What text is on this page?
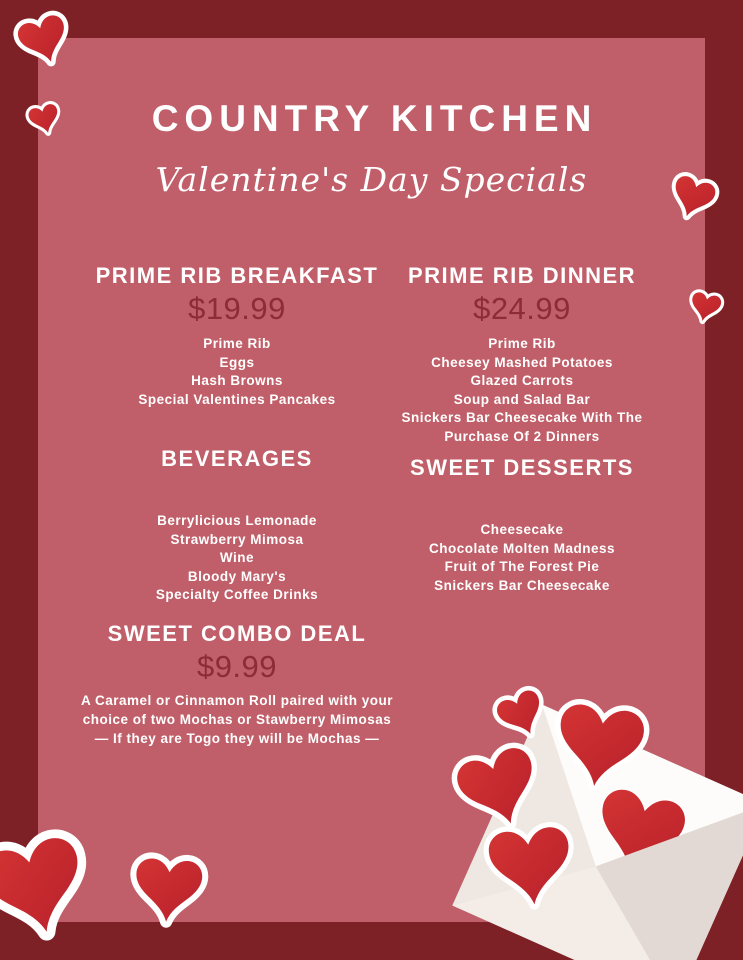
COUNTRY KITCHEN
Valentine's Day Specials
PRIME RIB BREAKFAST
$19.99
Prime Rib
Eggs
Hash Browns
Special Valentines Pancakes
PRIME RIB DINNER
$24.99
Prime Rib
Cheesey Mashed Potatoes
Glazed Carrots
Soup and Salad Bar
Snickers Bar Cheesecake With The Purchase Of 2 Dinners
BEVERAGES
Berrylicious Lemonade
Strawberry Mimosa
Wine
Bloody Mary's
Specialty Coffee Drinks
SWEET DESSERTS
Cheesecake
Chocolate Molten Madness
Fruit of The Forest Pie
Snickers Bar Cheesecake
SWEET COMBO DEAL
$9.99

A Caramel or Cinnamon Roll paired with your choice of two Mochas or Stawberry Mimosas

— If they are Togo they will be Mochas —
